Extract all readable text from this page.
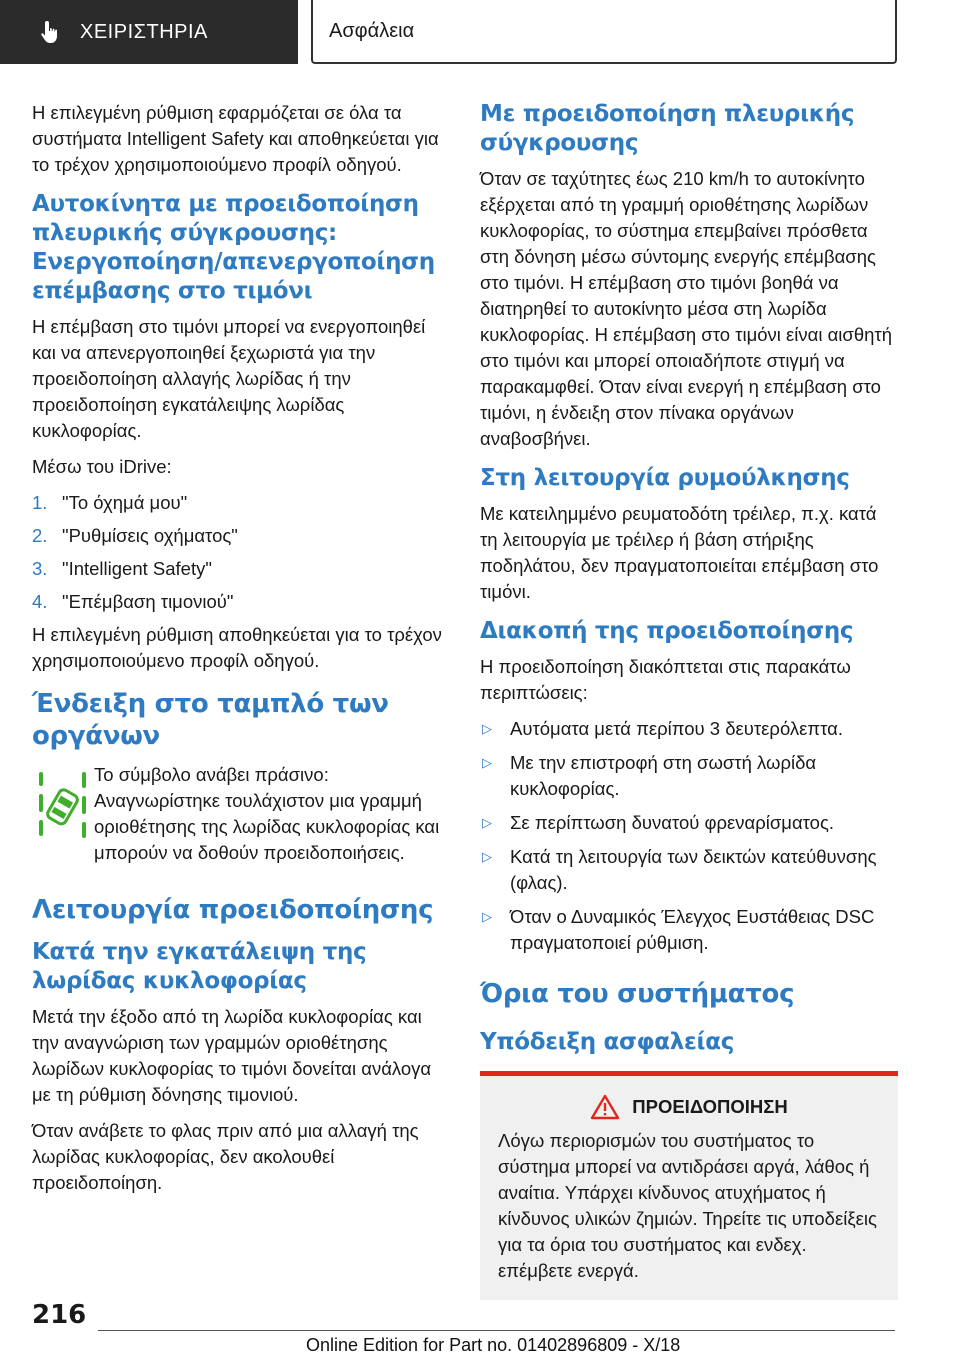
ΧΕΙΡΙΣΤΗΡΙΑ	Ασφάλεια

Η επιλεγμένη ρύθμιση εφαρμόζεται σε όλα τα συστήματα Intelligent Safety και αποθηκεύεται για το τρέχον χρησιμοποιούμενο προφίλ οδηγού.

Αυτοκίνητα με προειδοποίηση πλευρικής σύγκρουσης: Ενεργοποίηση/απενεργοποίηση επέμβασης στο τιμόνι

Η επέμβαση στο τιμόνι μπορεί να ενεργοποιηθεί και να απενεργοποιηθεί ξεχωριστά για την προειδοποίηση αλλαγής λωρίδας ή την προειδοποίηση εγκατάλειψης λωρίδας κυκλοφορίας.

Μέσω του iDrive:

1. "Το όχημά μου"
2. "Ρυθμίσεις οχήματος"
3. "Intelligent Safety"
4. "Επέμβαση τιμονιού"

Η επιλεγμένη ρύθμιση αποθηκεύεται για το τρέχον χρησιμοποιούμενο προφίλ οδηγού.

Ένδειξη στο ταμπλό των οργάνων

Το σύμβολο ανάβει πράσινο: Αναγνωρίστηκε τουλάχιστον μια γραμμή οριοθέτησης της λωρίδας κυκλοφορίας και μπορούν να δοθούν προειδοποιήσεις.

Λειτουργία προειδοποίησης
Κατά την εγκατάλειψη της λωρίδας κυκλοφορίας

Μετά την έξοδο από τη λωρίδα κυκλοφορίας και την αναγνώριση των γραμμών οριοθέτησης λωρίδων κυκλοφορίας το τιμόνι δονείται ανάλογα με τη ρύθμιση δόνησης τιμονιού.

Όταν ανάβετε το φλας πριν από μια αλλαγή της λωρίδας κυκλοφορίας, δεν ακολουθεί προειδοποίηση.

Με προειδοποίηση πλευρικής σύγκρουσης

Όταν σε ταχύτητες έως 210 km/h το αυτοκίνητο εξέρχεται από τη γραμμή οριοθέτησης λωρίδων κυκλοφορίας, το σύστημα επεμβαίνει πρόσθετα στη δόνηση μέσω σύντομης ενεργής επέμβασης στο τιμόνι. Η επέμβαση στο τιμόνι βοηθά να διατηρηθεί το αυτοκίνητο μέσα στη λωρίδα κυκλοφορίας. Η επέμβαση στο τιμόνι είναι αισθητή στο τιμόνι και μπορεί οποιαδήποτε στιγμή να παρακαμφθεί. Όταν είναι ενεργή η επέμβαση στο τιμόνι, η ένδειξη στον πίνακα οργάνων αναβοσβήνει.

Στη λειτουργία ρυμούλκησης

Με κατειλημμένο ρευματοδότη τρέιλερ, π.χ. κατά τη λειτουργία με τρέιλερ ή βάση στήριξης ποδηλάτου, δεν πραγματοποιείται επέμβαση στο τιμόνι.

Διακοπή της προειδοποίησης

Η προειδοποίηση διακόπτεται στις παρακάτω περιπτώσεις:

▷ Αυτόματα μετά περίπου 3 δευτερόλεπτα.
▷ Με την επιστροφή στη σωστή λωρίδα κυκλοφορίας.
▷ Σε περίπτωση δυνατού φρεναρίσματος.
▷ Κατά τη λειτουργία των δεικτών κατεύθυνσης (φλας).
▷ Όταν ο Δυναμικός Έλεγχος Ευστάθειας DSC πραγματοποιεί ρύθμιση.
Όρια του συστήματος
Υπόδειξη ασφαλείας
ΠΡΟΕΙΔΟΠΟΙΗΣΗ

Λόγω περιορισμών του συστήματος το σύστημα μπορεί να αντιδράσει αργά, λάθος ή αναίτια. Υπάρχει κίνδυνος ατυχήματος ή κίνδυνος υλικών ζημιών. Τηρείτε τις υποδείξεις για τα όρια του συστήματος και ενδεχ. επέμβετε ενεργά.

216
Online Edition for Part no. 01402896809 - X/18
